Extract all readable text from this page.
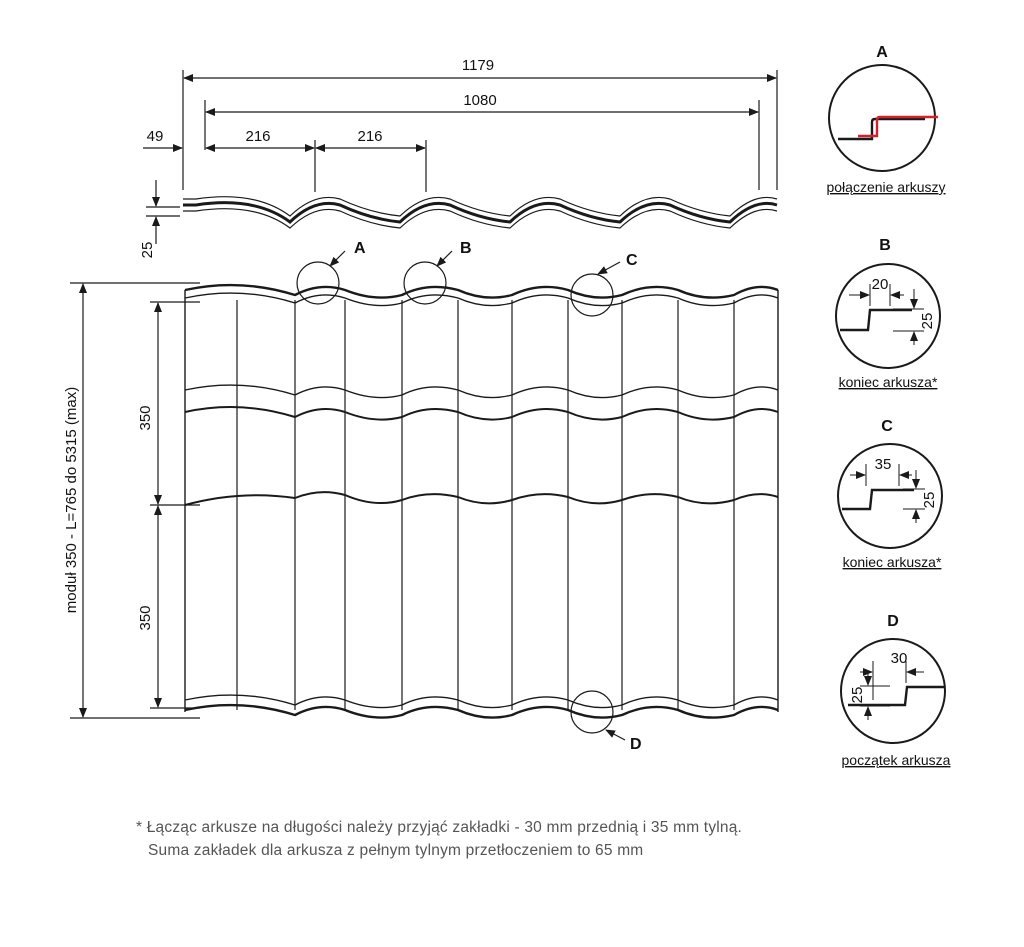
1179
1080
49	216	216
25
moduł 350 - L=765 do 5315 (max)	350
350
A	B
C
D
A
połączenie arkuszy
B
20
25
koniec arkusza*
C
35
25
koniec arkusza*
D
30
25
początek arkusza
* Łącząc arkusze na długości należy przyjąć zakładki - 30 mm przednią i 35 mm tylną.
Suma zakładek dla arkusza z pełnym tylnym przetłoczeniem to 65 mm
